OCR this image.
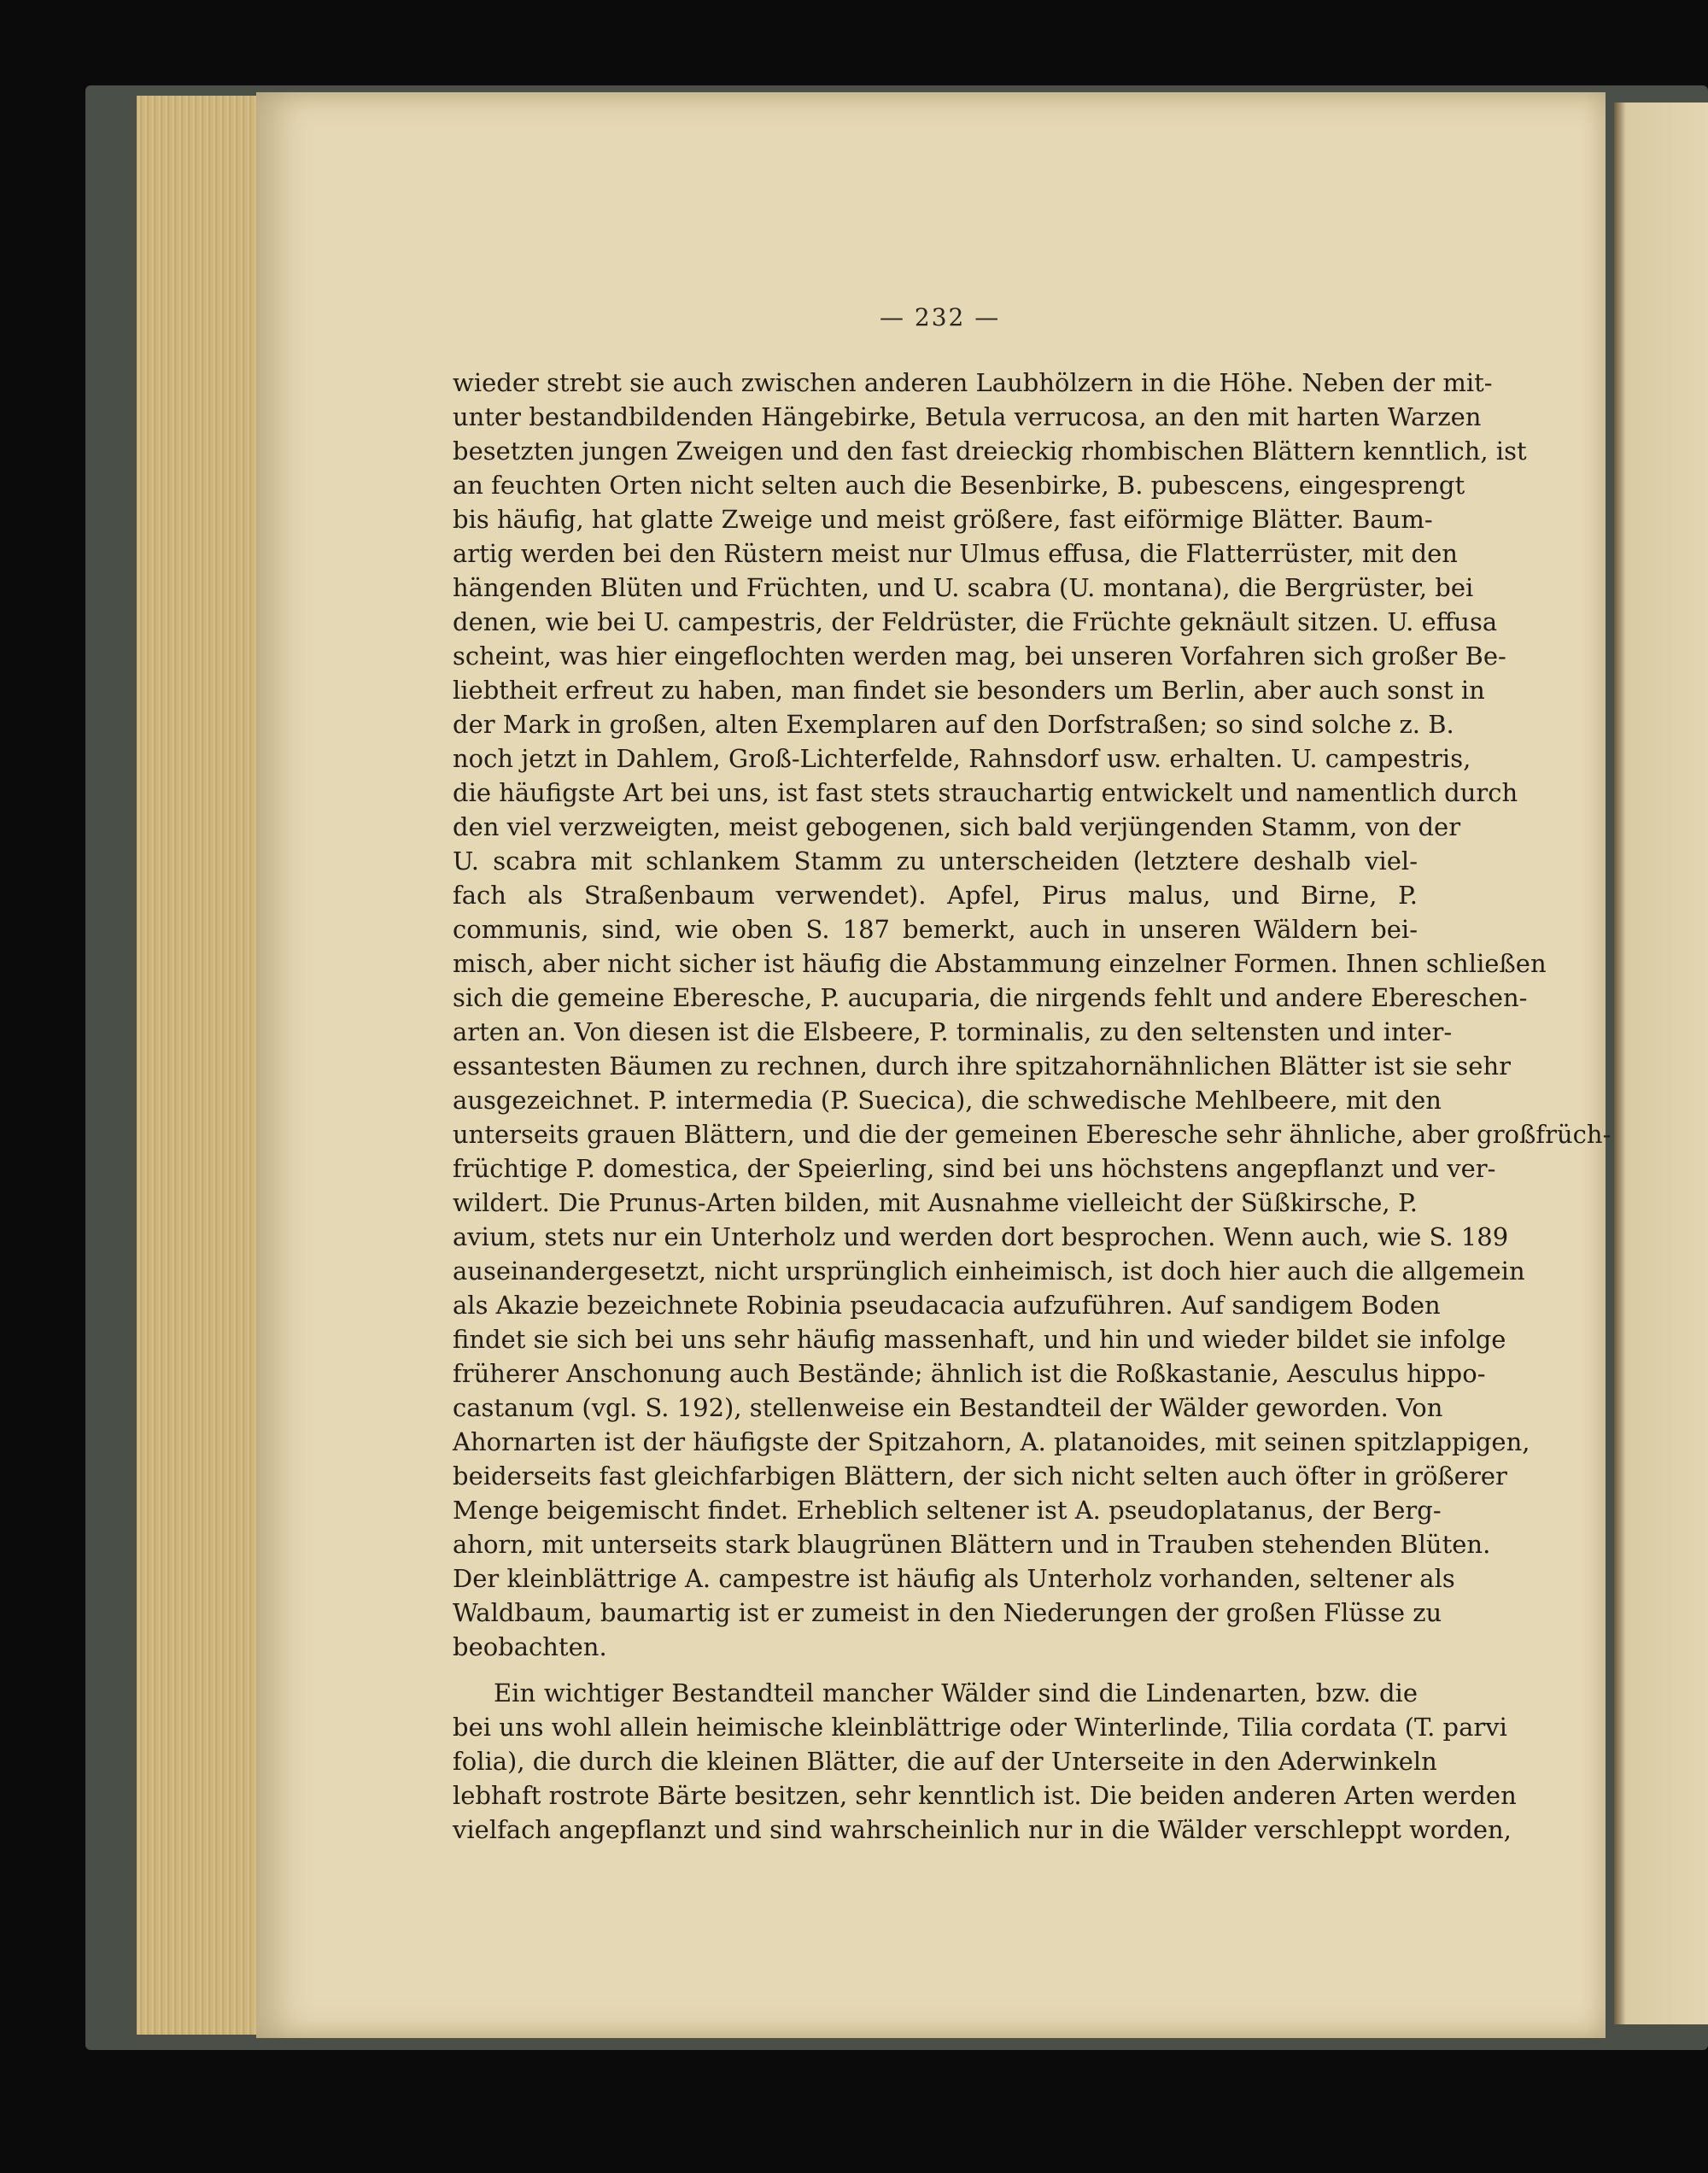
— 232 —
wieder strebt sie auch zwischen anderen Laubhölzern in die Höhe. Neben der mit-
unter bestandbildenden Hängebirke, Betula verrucosa, an den mit harten Warzen
besetzten jungen Zweigen und den fast dreieckig rhombischen Blättern kenntlich, ist
an feuchten Orten nicht selten auch die Besenbirke, B. pubescens, eingesprengt
bis häufig, hat glatte Zweige und meist größere, fast eiförmige Blätter. Baum-
artig werden bei den Rüstern meist nur Ulmus effusa, die Flatterrüster, mit den
hängenden Blüten und Früchten, und U. scabra (U. montana), die Bergrüster, bei
denen, wie bei U. campestris, der Feldrüster, die Früchte geknäult sitzen. U. effusa
scheint, was hier eingeflochten werden mag, bei unseren Vorfahren sich großer Be-
liebtheit erfreut zu haben, man findet sie besonders um Berlin, aber auch sonst in
der Mark in großen, alten Exemplaren auf den Dorfstraßen; so sind solche z. B.
noch jetzt in Dahlem, Groß-Lichterfelde, Rahnsdorf usw. erhalten. U. campestris,
die häufigste Art bei uns, ist fast stets strauchartig entwickelt und namentlich durch
den viel verzweigten, meist gebogenen, sich bald verjüngenden Stamm, von der
U. scabra mit schlankem Stamm zu unterscheiden (letztere deshalb viel-
fach als Straßenbaum verwendet). Apfel, Pirus malus, und Birne, P.
communis, sind, wie oben S. 187 bemerkt, auch in unseren Wäldern bei-
misch, aber nicht sicher ist häufig die Abstammung einzelner Formen. Ihnen schließen
sich die gemeine Eberesche, P. aucuparia, die nirgends fehlt und andere Ebereschen-
arten an. Von diesen ist die Elsbeere, P. torminalis, zu den seltensten und inter-
essantesten Bäumen zu rechnen, durch ihre spitzahornähnlichen Blätter ist sie sehr
ausgezeichnet. P. intermedia (P. Suecica), die schwedische Mehlbeere, mit den
unterseits grauen Blättern, und die der gemeinen Eberesche sehr ähnliche, aber großfrüch-
früchtige P. domestica, der Speierling, sind bei uns höchstens angepflanzt und ver-
wildert. Die Prunus-Arten bilden, mit Ausnahme vielleicht der Süßkirsche, P.
avium, stets nur ein Unterholz und werden dort besprochen. Wenn auch, wie S. 189
auseinandergesetzt, nicht ursprünglich einheimisch, ist doch hier auch die allgemein
als Akazie bezeichnete Robinia pseudacacia aufzuführen. Auf sandigem Boden
findet sie sich bei uns sehr häufig massenhaft, und hin und wieder bildet sie infolge
früherer Anschonung auch Bestände; ähnlich ist die Roßkastanie, Aesculus hippo-
castanum (vgl. S. 192), stellenweise ein Bestandteil der Wälder geworden. Von
Ahornarten ist der häufigste der Spitzahorn, A. platanoides, mit seinen spitzlappigen,
beiderseits fast gleichfarbigen Blättern, der sich nicht selten auch öfter in größerer
Menge beigemischt findet. Erheblich seltener ist A. pseudoplatanus, der Berg-
ahorn, mit unterseits stark blaugrünen Blättern und in Trauben stehenden Blüten.
Der kleinblättrige A. campestre ist häufig als Unterholz vorhanden, seltener als
Waldbaum, baumartig ist er zumeist in den Niederungen der großen Flüsse zu
beobachten.
Ein wichtiger Bestandteil mancher Wälder sind die Lindenarten, bzw. die
bei uns wohl allein heimische kleinblättrige oder Winterlinde, Tilia cordata (T. parvi
folia), die durch die kleinen Blätter, die auf der Unterseite in den Aderwinkeln
lebhaft rostrote Bärte besitzen, sehr kenntlich ist. Die beiden anderen Arten werden
vielfach angepflanzt und sind wahrscheinlich nur in die Wälder verschleppt worden,
